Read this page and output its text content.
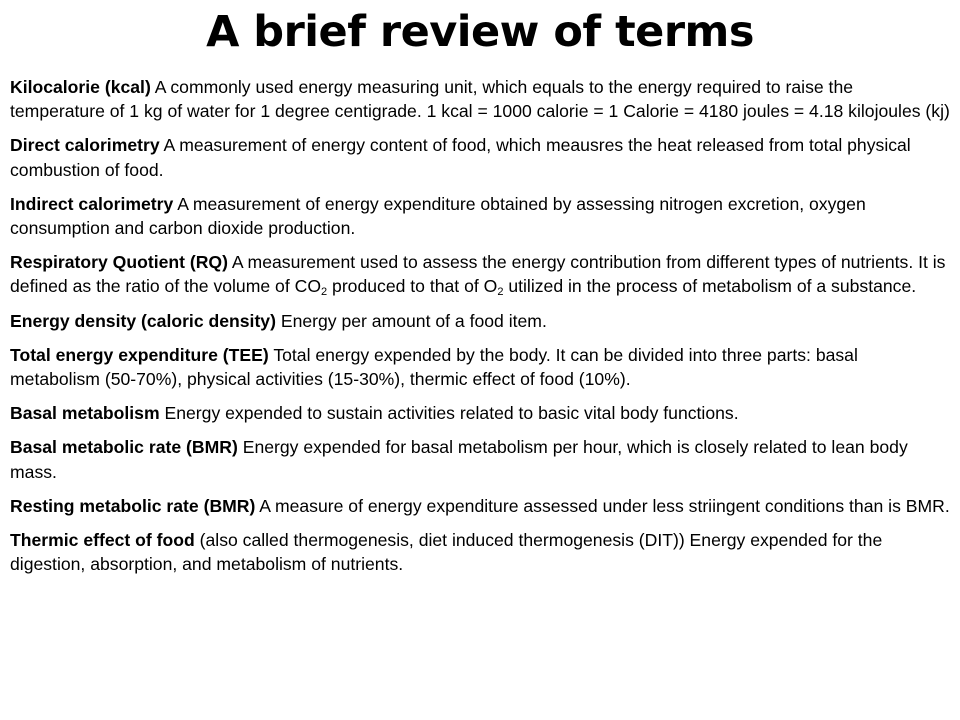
A brief review of terms

Kilocalorie (kcal) A commonly used energy measuring unit, which equals to the energy required to raise the temperature of 1 kg of water for 1 degree centigrade. 1 kcal = 1000 calorie = 1 Calorie = 4180 joules = 4.18 kilojoules (kj)

Direct calorimetry A measurement of energy content of food, which meausres the heat released from total physical combustion of food.

Indirect calorimetry A measurement of energy expenditure obtained by assessing nitrogen excretion, oxygen consumption and carbon dioxide production.

Respiratory Quotient (RQ) A measurement used to assess the energy contribution from different types of nutrients. It is defined as the ratio of the volume of $CO_2$ produced to that of $O_2$ utilized in the process of metabolism of a substance.

Energy density (caloric density) Energy per amount of a food item.

Total energy expenditure (TEE) Total energy expended by the body. It can be divided into three parts: basal metabolism (50-70%), physical activities (15-30%), thermic effect of food (10%).

Basal metabolism Energy expended to sustain activities related to basic vital body functions.

Basal metabolic rate (BMR) Energy expended for basal metabolism per hour, which is closely related to lean body mass.

Resting metabolic rate (BMR) A measure of energy expenditure assessed under less striingent conditions than is BMR.

Thermic effect of food (also called thermogenesis, diet induced thermogenesis (DIT)) Energy expended for the digestion, absorption, and metabolism of nutrients.
